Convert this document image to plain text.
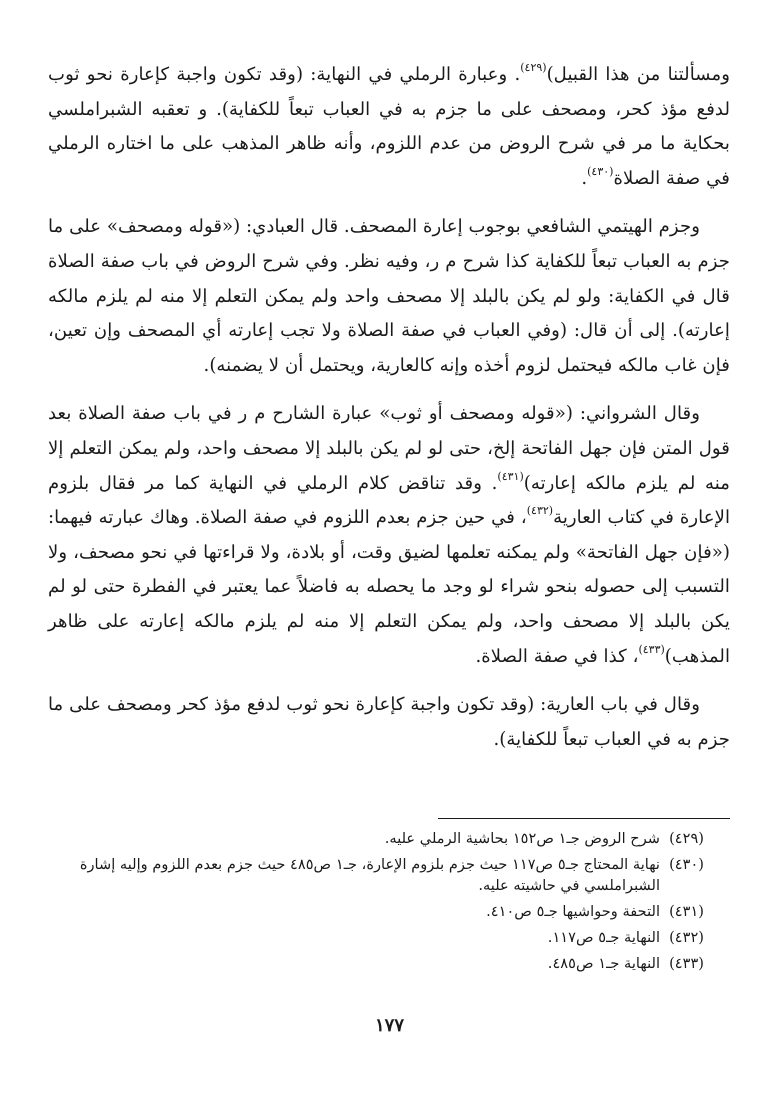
ومسألتنا من هذا القبيل)$^{(٤٢٩)}$. وعبارة الرملي في النهاية: (وقد تكون واجبة كإعارة نحو ثوب لدفع مؤذ كحر، ومصحف على ما جزم به في العباب تبعاً للكفاية). و تعقبه الشبراملسي بحكاية ما مر في شرح الروض من عدم اللزوم، وأنه ظاهر المذهب على ما اختاره الرملي في صفة الصلاة$^{(٤٣٠)}$.

وجزم الهيتمي الشافعي بوجوب إعارة المصحف. قال العبادي: («قوله ومصحف» على ما جزم به العباب تبعاً للكفاية كذا شرح م ر، وفيه نظر. وفي شرح الروض في باب صفة الصلاة قال في الكفاية: ولو لم يكن بالبلد إلا مصحف واحد ولم يمكن التعلم إلا منه لم يلزم مالكه إعارته). إلى أن قال: (وفي العباب في صفة الصلاة ولا تجب إعارته أي المصحف وإن تعين، فإن غاب مالكه فيحتمل لزوم أخذه وإنه كالعارية، ويحتمل أن لا يضمنه).

وقال الشرواني: («قوله ومصحف أو ثوب» عبارة الشارح م ر في باب صفة الصلاة بعد قول المتن فإن جهل الفاتحة إلخ، حتى لو لم يكن بالبلد إلا مصحف واحد، ولم يمكن التعلم إلا منه لم يلزم مالكه إعارته)$^{(٤٣١)}$. وقد تناقض كلام الرملي في النهاية كما مر فقال بلزوم الإعارة في كتاب العارية$^{(٤٣٢)}$، في حين جزم بعدم اللزوم في صفة الصلاة. وهاك عبارته فيهما: («فإن جهل الفاتحة» ولم يمكنه تعلمها لضيق وقت، أو بلادة، ولا قراءتها في نحو مصحف، ولا التسبب إلى حصوله بنحو شراء لو وجد ما يحصله به فاضلاً عما يعتبر في الفطرة حتى لو لم يكن بالبلد إلا مصحف واحد، ولم يمكن التعلم إلا منه لم يلزم مالكه إعارته على ظاهر المذهب)$^{(٤٣٣)}$، كذا في صفة الصلاة.

وقال في باب العارية: (وقد تكون واجبة كإعارة نحو ثوب لدفع مؤذ كحر ومصحف على ما جزم به في العباب تبعاً للكفاية).

(٤٢٩)شرح الروض جـ١ ص١٥٢ بحاشية الرملي عليه.

(٤٣٠)نهاية المحتاج جـ٥ ص١١٧ حيث جزم بلزوم الإعارة، جـ١ ص٤٨٥ حيث جزم بعدم اللزوم وإليه إشارة الشبراملسي في حاشيته عليه.

(٤٣١)التحفة وحواشيها جـ٥ ص٤١٠.

(٤٣٢)النهاية جـ٥ ص١١٧.

(٤٣٣)النهاية جـ١ ص٤٨٥.

١٧٧
